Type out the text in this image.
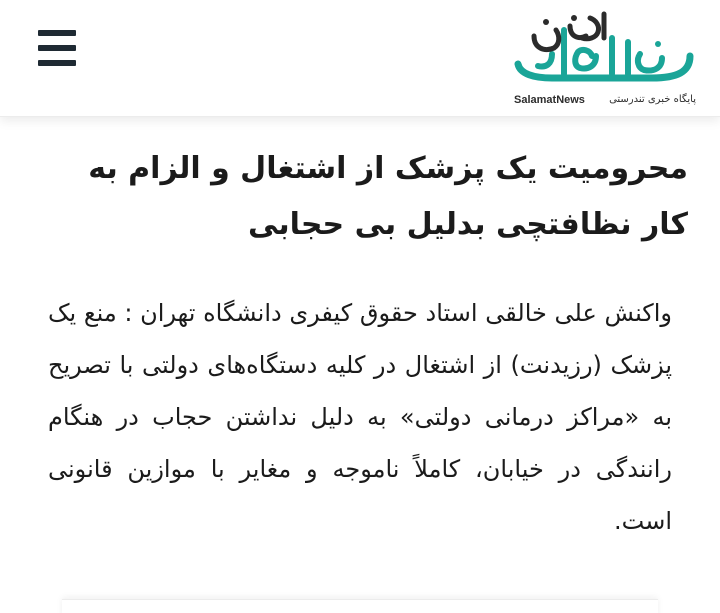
SalamatNews پایگاه خبری تندرستی
محرومیت یک پزشک از اشتغال و الزام به کار نظافتچی بدلیل بی حجابی

واکنش علی خالقی استاد حقوق کیفری دانشگاه تهران : منع یک پزشک (رزیدنت) از اشتغال در کلیه دستگاه‌های دولتی با تصریح به «مراکز درمانی دولتی» به دلیل نداشتن حجاب در هنگام رانندگی در خیابان، کاملاً ناموجه و مغایر با موازین قانونی است.
